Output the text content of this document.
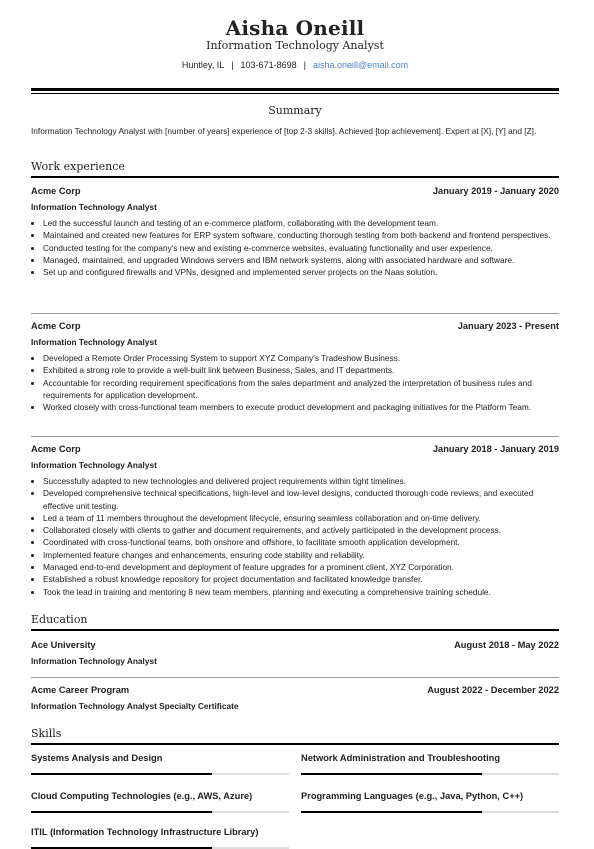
Aisha Oneill
Information Technology Analyst
Huntley, IL | 103-671-8698 | aisha.oneill@email.com
Summary
Information Technology Analyst with [number of years] experience of [top 2-3 skills]. Achieved [top achievement]. Expert at [X], [Y] and [Z].
Work experience
Acme Corp	January 2019 - January 2020
Information Technology Analyst
• Led the successful launch and testing of an e-commerce platform, collaborating with the development team.
• Maintained and created new features for ERP system software, conducting thorough testing from both backend and frontend perspectives.
• Conducted testing for the company's new and existing e-commerce websites, evaluating functionality and user experience.
• Managed, maintained, and upgraded Windows servers and IBM network systems, along with associated hardware and software.
• Set up and configured firewalls and VPNs, designed and implemented server projects on the Naas solution.
Acme Corp	January 2023 - Present
Information Technology Analyst
• Developed a Remote Order Processing System to support XYZ Company's Tradeshow Business.
• Exhibited a strong role to provide a well-built link between Business, Sales, and IT departments.
• Accountable for recording requirement specifications from the sales department and analyzed the interpretation of business rules and requirements for application development.
• Worked closely with cross-functional team members to execute product development and packaging initiatives for the Platform Team.
Acme Corp	January 2018 - January 2019
Information Technology Analyst
• Successfully adapted to new technologies and delivered project requirements within tight timelines.
• Developed comprehensive technical specifications, high-level and low-level designs, conducted thorough code reviews, and executed effective unit testing.
• Led a team of 11 members throughout the development lifecycle, ensuring seamless collaboration and on-time delivery.
• Collaborated closely with clients to gather and document requirements, and actively participated in the development process.
• Coordinated with cross-functional teams, both onshore and offshore, to facilitate smooth application development.
• Implemented feature changes and enhancements, ensuring code stability and reliability.
• Managed end-to-end development and deployment of feature upgrades for a prominent client, XYZ Corporation.
• Established a robust knowledge repository for project documentation and facilitated knowledge transfer.
• Took the lead in training and mentoring 8 new team members, planning and executing a comprehensive training schedule.
Education
Ace University	August 2018 - May 2022
Information Technology Analyst
Acme Career Program	August 2022 - December 2022
Information Technology Analyst Specialty Certificate
Skills
Systems Analysis and Design	Network Administration and Troubleshooting
Cloud Computing Technologies (e.g., AWS, Azure)	Programming Languages (e.g., Java, Python, C++)
ITIL (Information Technology Infrastructure Library)
